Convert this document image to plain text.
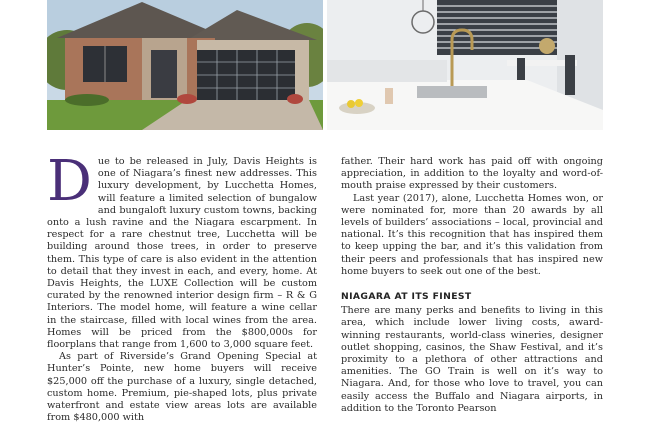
Due to be released in July, Davis Heights is one of Niagara’s finest new addresses. This luxury development, by Lucchetta Homes, will feature a limited selection of bungalow and bungaloft luxury custom towns, backing onto a lush ravine and the Niagara escarpment. In respect for a rare chestnut tree, Lucchetta will be building around those trees, in order to preserve them. This type of care is also evident in the attention to detail that they invest in each, and every, home. At Davis Heights, the LUXE Collection will be custom curated by the renowned interior design firm – R & G Interiors. The model home, will feature a wine cellar in the staircase, filled with local wines from the area. Homes will be priced from the $800,000s for floorplans that range from 1,600 to 3,000 square feet.

As part of Riverside’s Grand Opening Special at Hunter’s Pointe, new home buyers will receive $25,000 off the purchase of a luxury, single detached, custom home. Premium, pie-shaped lots, plus private waterfront and estate view areas lots are available from $480,000 with

father. Their hard work has paid off with ongoing appreciation, in addition to the loyalty and word-of-mouth praise expressed by their customers.

Last year (2017), alone, Lucchetta Homes won, or were nominated for, more than 20 awards by all levels of builders’ associations – local, provincial and national. It’s this recognition that has inspired them to keep upping the bar, and it’s this validation from their peers and professionals that has inspired new home buyers to seek out one of the best.

NIAGARA AT ITS FINEST

There are many perks and benefits to living in this area, which include lower living costs, award-winning restaurants, world-class wineries, designer outlet shopping, casinos, the Shaw Festival, and it’s proximity to a plethora of other attractions and amenities. The GO Train is well on it’s way to Niagara. And, for those who love to travel, you can easily access the Buffalo and Niagara airports, in addition to the Toronto Pearson
